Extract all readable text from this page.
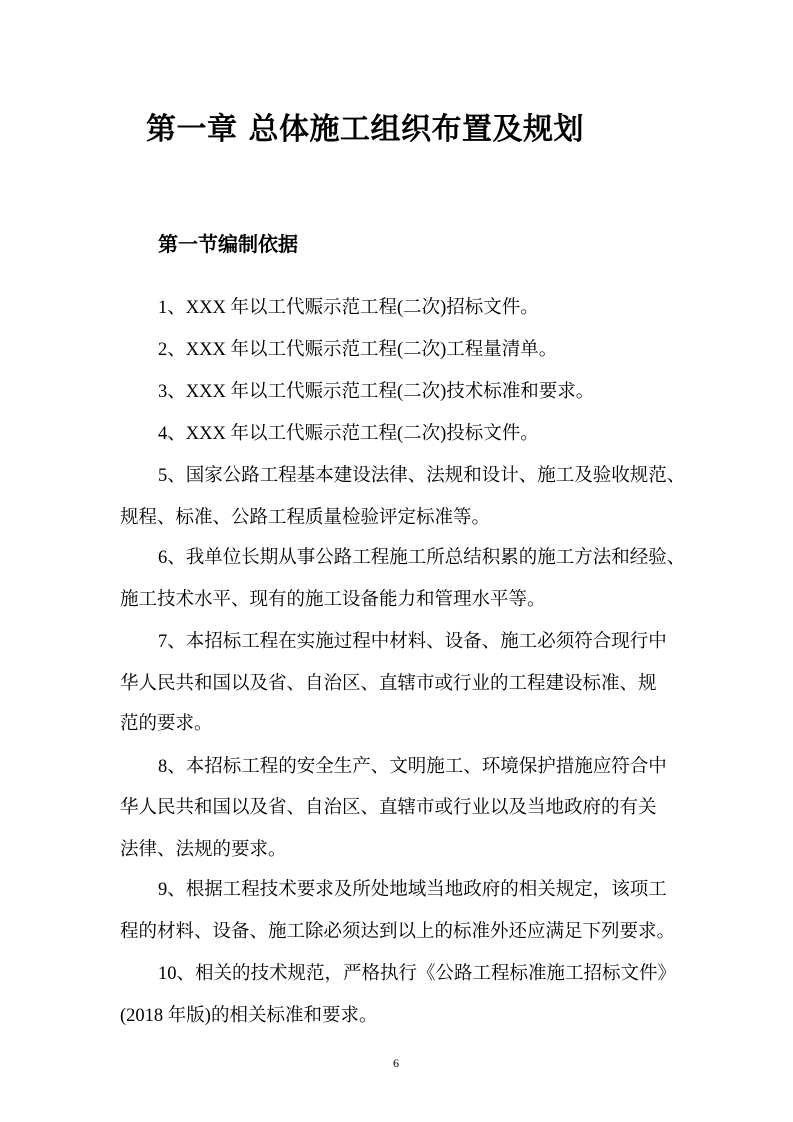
第一章 总体施工组织布置及规划
第一节编制依据
1、XXX 年以工代赈示范工程(二次)招标文件。
2、XXX 年以工代赈示范工程(二次)工程量清单。
3、XXX 年以工代赈示范工程(二次)技术标准和要求。
4、XXX 年以工代赈示范工程(二次)投标文件。
5、国家公路工程基本建设法律、法规和设计、施工及验收规范、
规程、标准、公路工程质量检验评定标准等。
6、我单位长期从事公路工程施工所总结积累的施工方法和经验、
施工技术水平、现有的施工设备能力和管理水平等。
7、本招标工程在实施过程中材料、设备、施工必须符合现行中
华人民共和国以及省、自治区、直辖市或行业的工程建设标准、规
范的要求。
8、本招标工程的安全生产、文明施工、环境保护措施应符合中
华人民共和国以及省、自治区、直辖市或行业以及当地政府的有关
法律、法规的要求。
9、根据工程技术要求及所处地域当地政府的相关规定，该项工
程的材料、设备、施工除必须达到以上的标准外还应满足下列要求。
10、相关的技术规范，严格执行《公路工程标准施工招标文件》
(2018 年版)的相关标准和要求。
6
